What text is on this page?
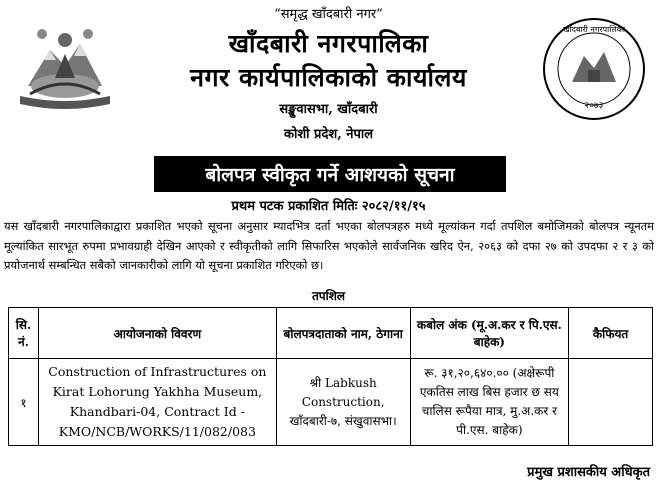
खाँदबारी नगरपालिका
२०७३
“समृद्ध खाँदबारी नगर”
खाँदबारी नगरपालिका
नगर कार्यपालिकाको कार्यालय
सङ्खुवासभा, खाँदबारी
कोशी प्रदेश, नेपाल
बोलपत्र स्वीकृत गर्ने आशयको सूचना
प्रथम पटक प्रकाशित मितिः २०८२/११/१५
यस खाँदबारी नगरपालिकाद्वारा प्रकाशित भएको सूचना अनुसार म्यादभित्र दर्ता भएका बोलपत्रहरु मध्ये मूल्यांकन गर्दा तपशिल बमोजिमको बोलपत्र न्यूनतम मूल्यांकित सारभूत रुपमा प्रभावग्राही देखिन आएको र स्वीकृतीको लागि सिफारिस भएकोले सार्वजनिक खरिद ऐन, २०६३ को दफा २७ को उपदफा २ र ३ को प्रयोजनार्थ सम्बन्धित सबैको जानकारीको लागि यो सूचना प्रकाशित गरिएको छ।
तपशिल
सि. नं.	आयोजनाको विवरण	बोलपत्रदाताको नाम, ठेगाना	कबोल अंक (मू.अ.कर र पि.एस. बाहेक)	कैफियत
१	Construction of Infrastructures on Kirat Lohorung Yakhha Museum, Khandbari-04, Contract Id - KMO/NCB/WORKS/11/082/083	श्री Labkush Construction, खाँदबारी-७, संखुवासभा।	रू. ३१,२०,६४०.०० (अक्षेरूपी एकतिस लाख बिस हजार छ सय चालिस रूपैया मात्र, मु.अ.कर र पी.एस. बाहेक)	
प्रमुख प्रशासकीय अधिकृत
